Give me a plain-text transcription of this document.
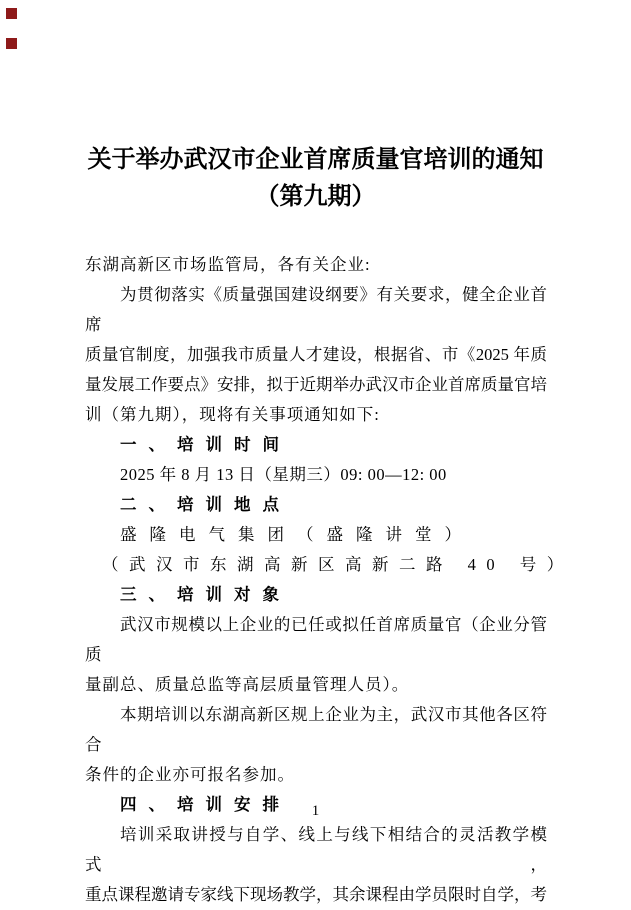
关于举办武汉市企业首席质量官培训的通知
（第九期）
东湖高新区市场监管局，各有关企业:
为贯彻落实《质量强国建设纲要》有关要求，健全企业首席
质量官制度，加强我市质量人才建设，根据省、市《2025 年质
量发展工作要点》安排，拟于近期举办武汉市企业首席质量官培
训（第九期），现将有关事项通知如下:
一、培训时间
2025 年 8 月 13 日（星期三）09: 00—12: 00
二、培训地点
盛隆电气集团（盛隆讲堂）
（武汉市东湖高新区高新二路 40 号）
三、培训对象
武汉市规模以上企业的已任或拟任首席质量官（企业分管质
量副总、质量总监等高层质量管理人员）。
本期培训以东湖高新区规上企业为主，武汉市其他各区符合
条件的企业亦可报名参加。
四、培训安排
培训采取讲授与自学、线上与线下相结合的灵活教学模式，
重点课程邀请专家线下现场教学，其余课程由学员限时自学，考
1
